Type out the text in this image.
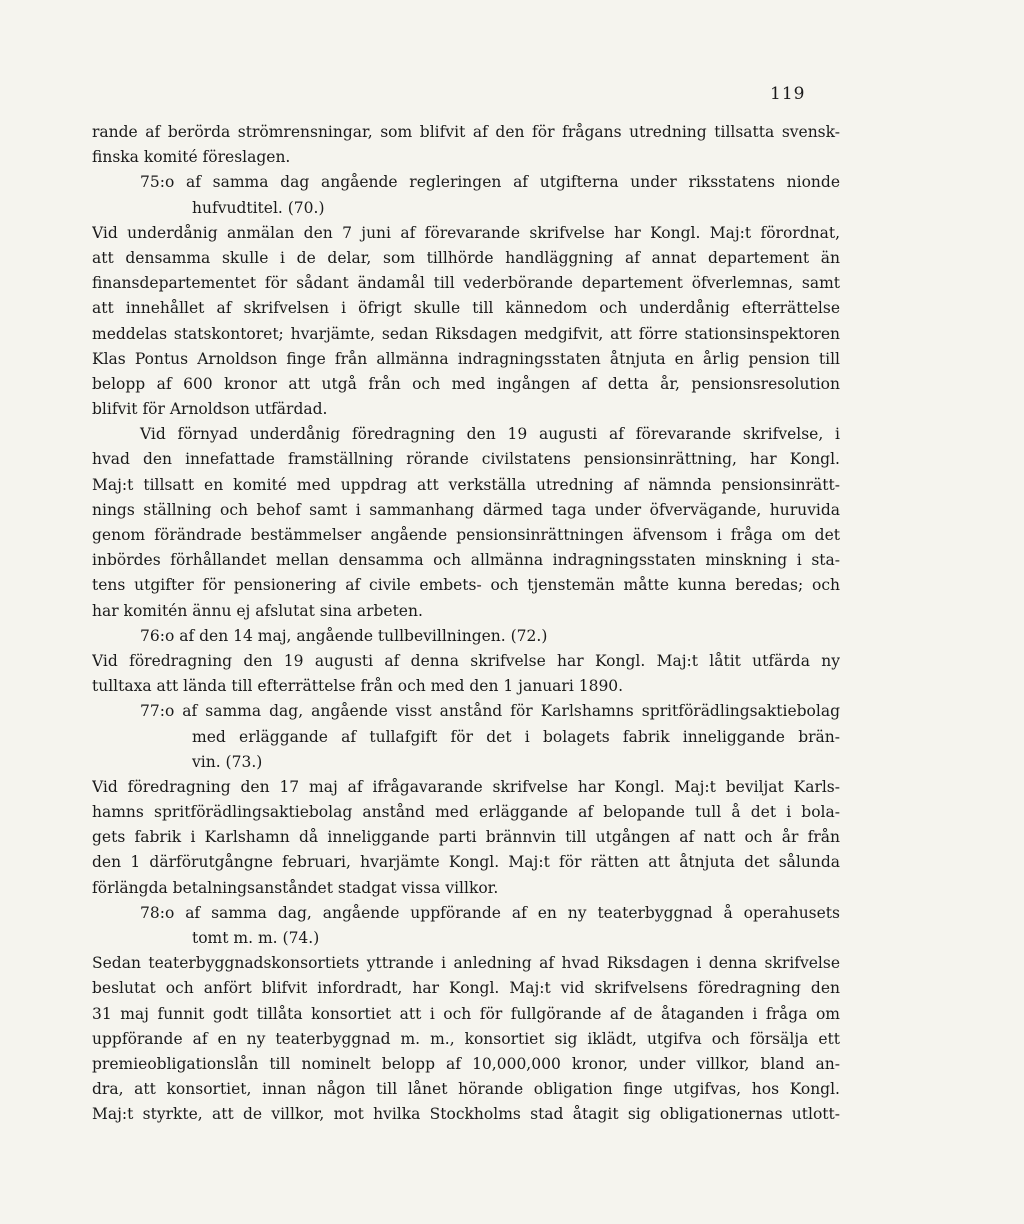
119
rande af berörda strömrensningar, som blifvit af den för frågans utredning tillsatta svensk-
finska komité föreslagen.
75:o af samma dag angående regleringen af utgifterna under riksstatens nionde
hufvudtitel. (70.)
Vid underdånig anmälan den 7 juni af förevarande skrifvelse har Kongl. Maj:t förordnat,
att densamma skulle i de delar, som tillhörde handläggning af annat departement än
finansdepartementet för sådant ändamål till vederbörande departement öfverlemnas, samt
att innehållet af skrifvelsen i öfrigt skulle till kännedom och underdånig efterrättelse
meddelas statskontoret; hvarjämte, sedan Riksdagen medgifvit, att förre stationsinspektoren
Klas Pontus Arnoldson finge från allmänna indragningsstaten åtnjuta en årlig pension till
belopp af 600 kronor att utgå från och med ingången af detta år, pensionsresolution
blifvit för Arnoldson utfärdad.
Vid förnyad underdånig föredragning den 19 augusti af förevarande skrifvelse, i
hvad den innefattade framställning rörande civilstatens pensionsinrättning, har Kongl.
Maj:t tillsatt en komité med uppdrag att verkställa utredning af nämnda pensionsinrätt-
nings ställning och behof samt i sammanhang därmed taga under öfvervägande, huruvida
genom förändrade bestämmelser angående pensionsinrättningen äfvensom i fråga om det
inbördes förhållandet mellan densamma och allmänna indragningsstaten minskning i sta-
tens utgifter för pensionering af civile embets- och tjenstemän måtte kunna beredas; och
har komitén ännu ej afslutat sina arbeten.
76:o af den 14 maj, angående tullbevillningen. (72.)
Vid föredragning den 19 augusti af denna skrifvelse har Kongl. Maj:t låtit utfärda ny
tulltaxa att lända till efterrättelse från och med den 1 januari 1890.
77:o af samma dag, angående visst anstånd för Karlshamns spritförädlingsaktiebolag
med erläggande af tullafgift för det i bolagets fabrik inneliggande brän-
vin. (73.)
Vid föredragning den 17 maj af ifrågavarande skrifvelse har Kongl. Maj:t beviljat Karls-
hamns spritförädlingsaktiebolag anstånd med erläggande af belopande tull å det i bola-
gets fabrik i Karlshamn då inneliggande parti brännvin till utgången af natt och år från
den 1 därförutgångne februari, hvarjämte Kongl. Maj:t för rätten att åtnjuta det sålunda
förlängda betalningsanståndet stadgat vissa villkor.
78:o af samma dag, angående uppförande af en ny teaterbyggnad å operahusets
tomt m. m. (74.)
Sedan teaterbyggnadskonsortiets yttrande i anledning af hvad Riksdagen i denna skrifvelse
beslutat och anfört blifvit infordradt, har Kongl. Maj:t vid skrifvelsens föredragning den
31 maj funnit godt tillåta konsortiet att i och för fullgörande af de åtaganden i fråga om
uppförande af en ny teaterbyggnad m. m., konsortiet sig iklädt, utgifva och försälja ett
premieobligationslån till nominelt belopp af 10,000,000 kronor, under villkor, bland an-
dra, att konsortiet, innan någon till lånet hörande obligation finge utgifvas, hos Kongl.
Maj:t styrkte, att de villkor, mot hvilka Stockholms stad åtagit sig obligationernas utlott-
